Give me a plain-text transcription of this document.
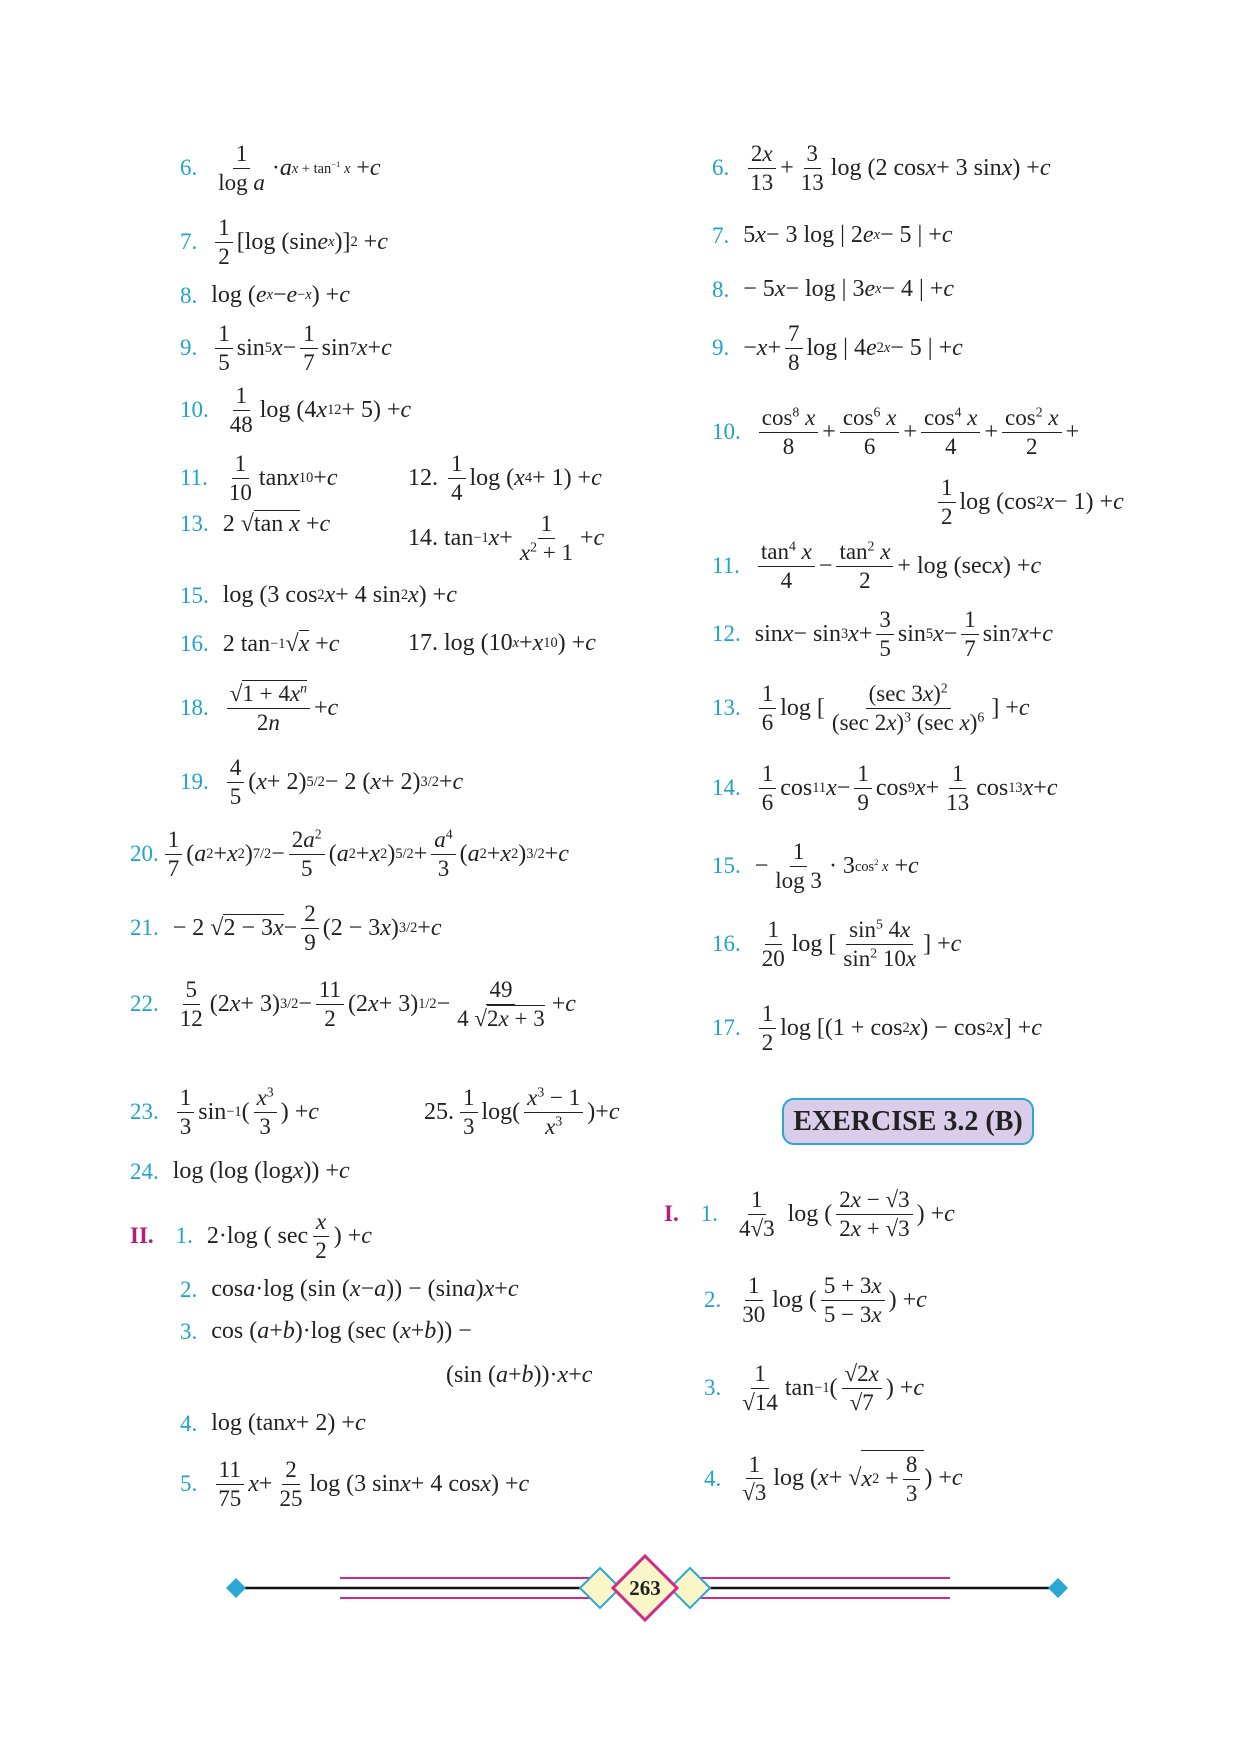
6. $\frac{1}{\text{log a}} \cdot a$ $x + \tan^{-1} x + c$
7. $\frac{1}{2} [\log$ (sin e x )] 2 + c
8. log ( e x − e −x ) + c
9. $\frac{1}{5}$ sin 5 $x - \frac{1}{7}$ sin 7 x + c
10. $\frac{1}{48}$ log (4 x 12 + 5) + c
11. $\frac{1}{10}$ tan x 10 + c	12. $\frac{1}{4}$ log ( x 4 + 1) + c
13. 2 √ tan x + c
14. tan −1 $x + \frac{1}{x^2 + 1} + c$
15. log (3 cos 2 x + 4 sin 2 x ) + c
16. 2 tan −1 √ x + c	17. log (10 x + x 10 ) + c
18. $\frac{√1 + 4x^n}{2n} + c$
19. $\frac{4}{5}$ ( x + 2) 5/2 − 2 ( x + 2) 3/2 + c
20. $\frac{1}{7}$ ( a 2 + x 2 ) $7/2 - \frac{2a^2}{5}$ ( a 2 + x 2 ) $5/2 + \frac{a^4}{3}$ ( a 2 + x 2 ) 3/2 + c
21. − 2 √ $2 - 3x - \frac{2}{9} (2 - 3$ x ) 3/2 + c
22. $\frac{5}{12} (2$ x + 3) $3/2 - \frac{11}{2} (2$ x + 3) $1/2 - \frac{49}{4 √2x + 3} + c$
23. $\frac{1}{3}$ sin −1 ( $\frac{x^3}{3}$ ) + c	25. $\frac{1}{3} \log( \frac{x^3 - 1}{x^3}$ )+ c
24. log (log (log x )) + c
II. 1. 2·log ( $\sec \frac{x}{2}$ ) + c
2. cos a ·log (sin ( x − a )) − (sin a ) x + c
3. cos ( a + b )·log (sec ( x + b )) −
(sin ( a + b ))· x + c
4. log (tan x + 2) + c
5. $\frac{11}{75}$ $x + \frac{2}{25}$ log (3 sin x + 4 cos x ) + c
6. $\frac{2x}{13} + \frac{3}{13}$ log (2 cos x + 3 sin x ) + c
7. 5 x − 3 log | 2 e x − 5 | + c
8. − 5 x − log | 3 e x − 4 | + c
9. − $x + \frac{7}{8}$ log | 4 e 2x − 5 | + c
10. $\frac{\cos^8 x}{8} + \frac{\cos^6 x}{6} + \frac{\cos^4 x}{4} + \frac{\cos^2 x}{2}$ +
$\frac{1}{2}$ log (cos 2 x − 1) + c
11. $\frac{\tan^4 x}{4} - \frac{\tan^2 x}{2} + \log (\sec$ x ) + c
12. sin x − sin 3 $x + \frac{3}{5}$ sin 5 $x - \frac{1}{7}$ sin 7 x + c
13. $\frac{1}{6}$ log [ $\frac{(\sec 3x)^2}{(\sec 2x)^3 (\sec x)^6}$ ] + c
14. $\frac{1}{6}$ cos 11 $x - \frac{1}{9}$ cos 9 $x + \frac{1}{13}$ cos 13 x + c
15. − $\frac{1}{\log 3} \cdot 3$ $\cos^2 x + c$
16. $\frac{1}{20}$ log [ $\frac{\sin^5 4x}{\sin^2 10x}$ ] + c
17. $\frac{1}{2}$ log [(1 + cos 2 x ) − cos 2 x ] + c
EXERCISE 3.2 (B)
I. 1. $\frac{1}{4√3}$ log ( $\frac{2x - √3}{2x + √3}$ ) + c
2. $\frac{1}{30}$ log ( $\frac{5 + 3x}{5 - 3x}$ ) + c
3. $\frac{1}{√14}$ tan −1 ( $\frac{√2x}{√7}$ ) + c
4. $\frac{1}{√3}$ log ( x + √ x $2 + \frac{8}{3}$ ) + c
263
